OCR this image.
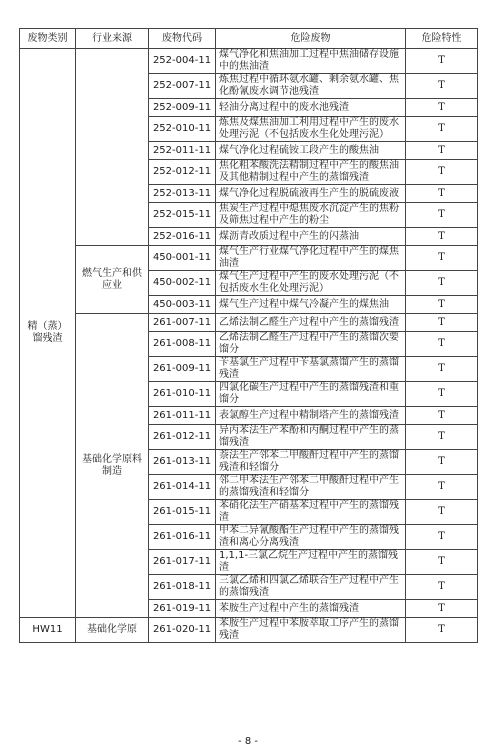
废物类别	行业来源	废物代码	危险废物	危险特性
精（蒸）馏残渣		252-004-11	煤气净化和焦油加工过程中焦油储存设施中的焦油渣	T
		252-007-11	炼焦过程中循环氨水罐、剩余氨水罐、焦化酚氰废水调节池残渣	T
		252-009-11	轻油分离过程中的废水池残渣	T
		252-010-11	炼焦及煤焦油加工利用过程中产生的废水处理污泥（不包括废水生化处理污泥）	T
		252-011-11	煤气净化过程硫铵工段产生的酸焦油	T
		252-012-11	焦化粗苯酸洗法精制过程中产生的酸焦油及其他精制过程中产生的蒸馏残渣	T
		252-013-11	煤气净化过程脱硫液再生产生的脱硫废液	T
		252-015-11	焦炭生产过程中熄焦废水沉淀产生的焦粉及筛焦过程中产生的粉尘	T
		252-016-11	煤沥青改质过程中产生的闪蒸油	T
	燃气生产和供应业	450-001-11	煤气生产行业煤气净化过程中产生的煤焦油渣	T
		450-002-11	煤气生产过程中产生的废水处理污泥（不包括废水生化处理污泥）	T
		450-003-11	煤气生产过程中煤气冷凝产生的煤焦油	T
	基础化学原料制造	261-007-11	乙烯法制乙醛生产过程中产生的蒸馏残渣	T
		261-008-11	乙烯法制乙醛生产过程中产生的蒸馏次要馏分	T
		261-009-11	苄基氯生产过程中苄基氯蒸馏产生的蒸馏残渣	T
		261-010-11	四氯化碳生产过程中产生的蒸馏残渣和重馏分	T
		261-011-11	表氯醇生产过程中精制塔产生的蒸馏残渣	T
		261-012-11	异丙苯法生产苯酚和丙酮过程中产生的蒸馏残渣	T
		261-013-11	萘法生产邻苯二甲酸酐过程中产生的蒸馏残渣和轻馏分	T
		261-014-11	邻二甲苯法生产邻苯二甲酸酐过程中产生的蒸馏残渣和轻馏分	T
		261-015-11	苯硝化法生产硝基苯过程中产生的蒸馏残渣	T
		261-016-11	甲苯二异氰酸酯生产过程中产生的蒸馏残渣和离心分离残渣	T
		261-017-11	1,1,1-三氯乙烷生产过程中产生的蒸馏残渣	T
		261-018-11	三氯乙烯和四氯乙烯联合生产过程中产生的蒸馏残渣	T
		261-019-11	苯胺生产过程中产生的蒸馏残渣	T
HW11	基础化学原	261-020-11	苯胺生产过程中苯胺萃取工序产生的蒸馏残渣	T
- 8 -
